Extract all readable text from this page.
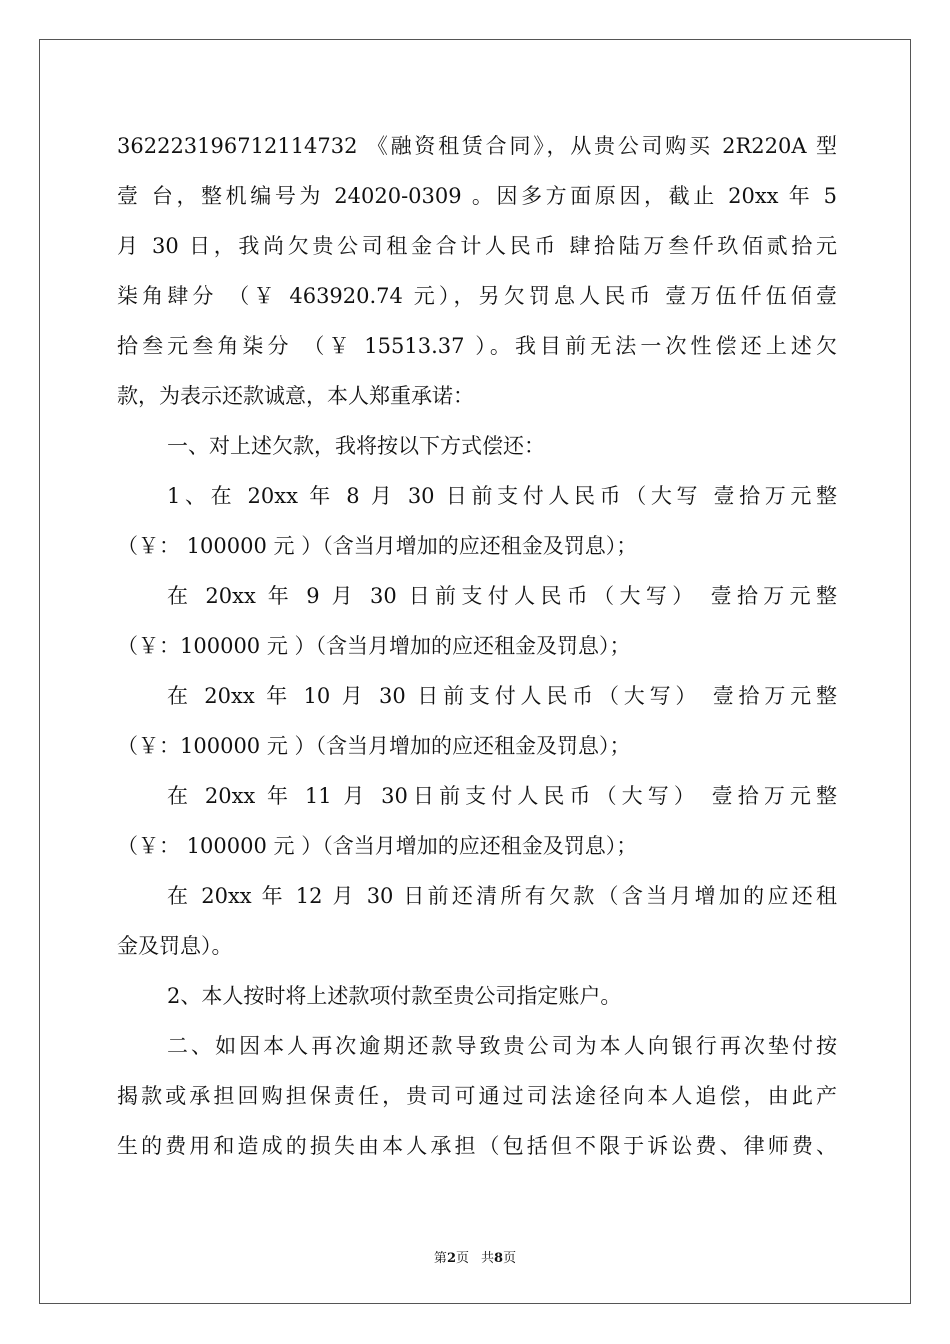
362223196712114732 《融资租赁合同》，从贵公司购买 2R220A 型
壹 台，整机编号为 24020-0309 。因多方面原因，截止 20xx 年 5
月 30 日，我尚欠贵公司租金合计人民币 肆拾陆万叁仟玖佰贰拾元
柒角肆分 （￥ 463920.74 元），另欠罚息人民币 壹万伍仟伍佰壹
拾叁元叁角柒分 （￥ 15513.37 ）。我目前无法一次性偿还上述欠
款，为表示还款诚意，本人郑重承诺：
一、对上述欠款，我将按以下方式偿还：
1、在 20xx 年 8 月 30 日前支付人民币（大写 壹拾万元整
（￥： 100000 元 ）（含当月增加的应还租金及罚息）；
在 20xx 年 9 月 30 日前支付人民币（大写） 壹拾万元整
（￥：100000 元 ）（含当月增加的应还租金及罚息）；
在 20xx 年 10 月 30 日前支付人民币（大写） 壹拾万元整
（￥：100000 元 ）（含当月增加的应还租金及罚息）；
在 20xx 年 11 月 30日前支付人民币（大写） 壹拾万元整
（￥： 100000 元 ）（含当月增加的应还租金及罚息）；
在 20xx 年 12 月 30 日前还清所有欠款（含当月增加的应还租
金及罚息）。
2、本人按时将上述款项付款至贵公司指定账户。
二、如因本人再次逾期还款导致贵公司为本人向银行再次垫付按
揭款或承担回购担保责任，贵司可通过司法途径向本人追偿，由此产
生的费用和造成的损失由本人承担（包括但不限于诉讼费、律师费、
第2页 共8页
